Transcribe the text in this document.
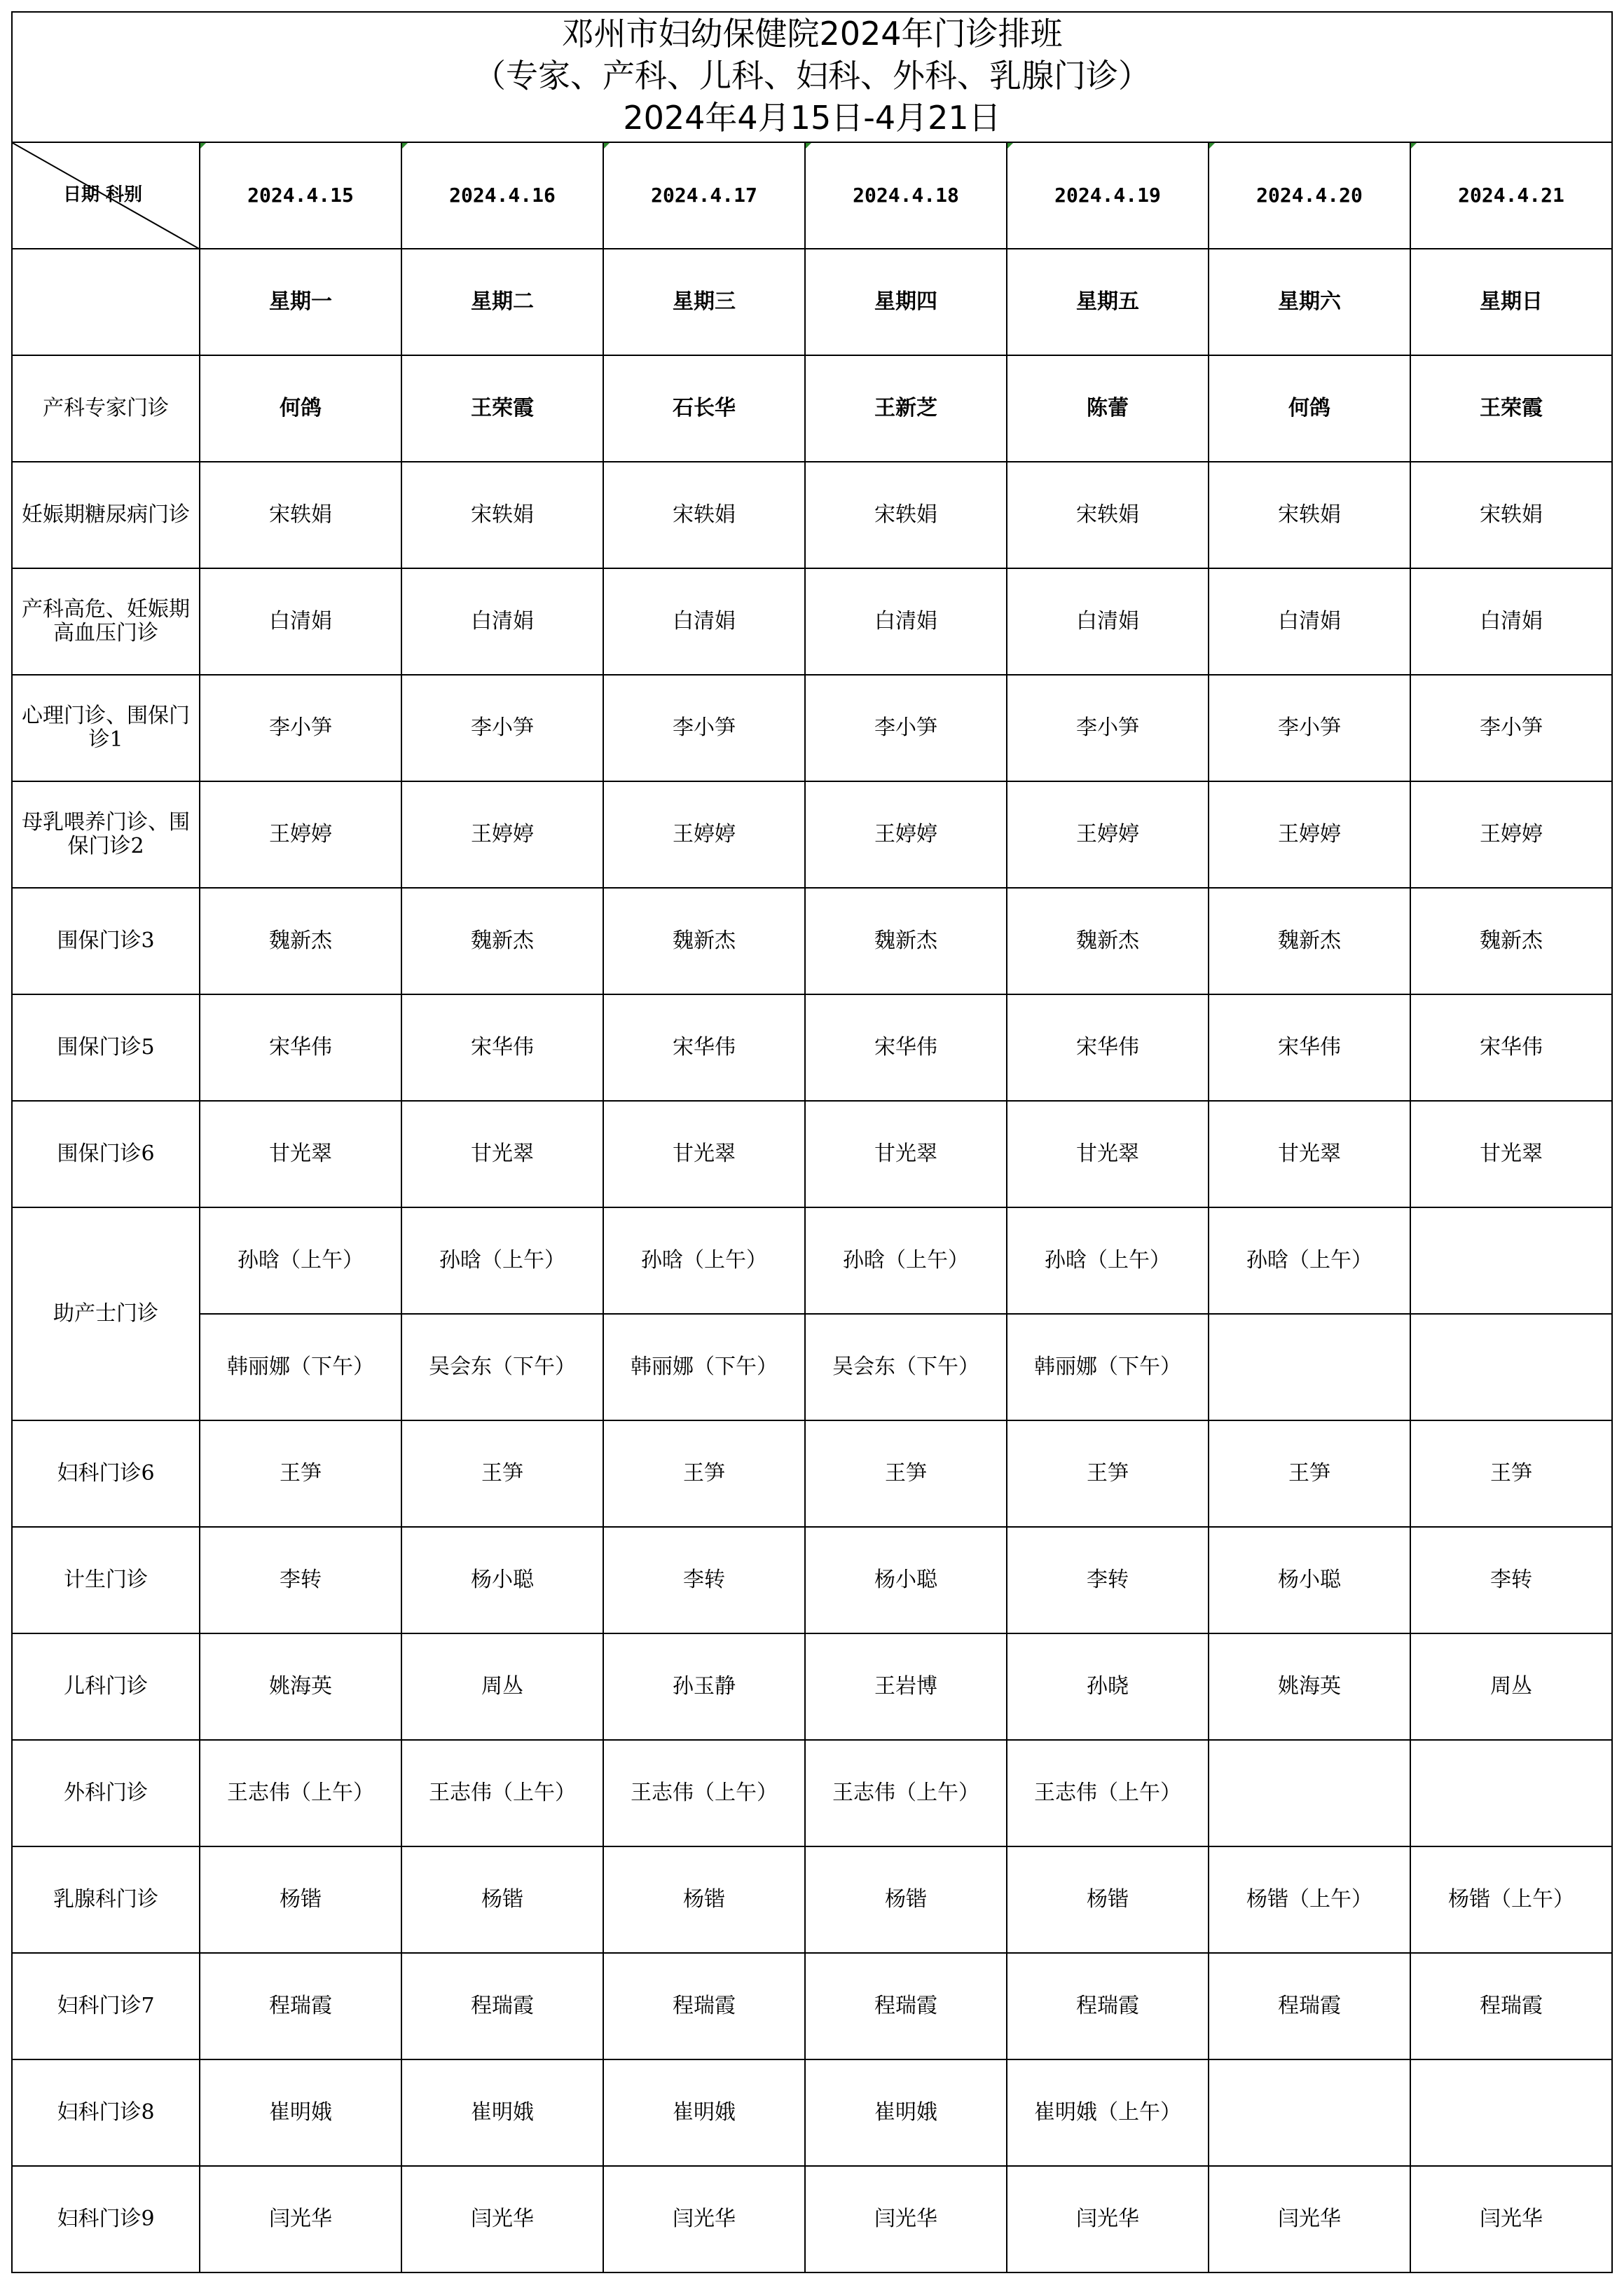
邓州市妇幼保健院2024年门诊排班
（专家、产科、儿科、妇科、外科、乳腺门诊）
2024年4月15日-4月21日
日期 科别	2024.4.15	2024.4.16	2024.4.17	2024.4.18	2024.4.19	2024.4.20	2024.4.21

	星期一	星期二	星期三	星期四	星期五	星期六	星期日
产科专家门诊	何鸽	王荣霞	石长华	王新芝	陈蕾	何鸽	王荣霞
妊娠期糖尿病门诊	宋轶娟	宋轶娟	宋轶娟	宋轶娟	宋轶娟	宋轶娟	宋轶娟
产科高危、妊娠期高血压门诊	白清娟	白清娟	白清娟	白清娟	白清娟	白清娟	白清娟
心理门诊、围保门诊1	李小笋	李小笋	李小笋	李小笋	李小笋	李小笋	李小笋
母乳喂养门诊、围保门诊2	王婷婷	王婷婷	王婷婷	王婷婷	王婷婷	王婷婷	王婷婷
围保门诊3	魏新杰	魏新杰	魏新杰	魏新杰	魏新杰	魏新杰	魏新杰
围保门诊5	宋华伟	宋华伟	宋华伟	宋华伟	宋华伟	宋华伟	宋华伟
围保门诊6	甘光翠	甘光翠	甘光翠	甘光翠	甘光翠	甘光翠	甘光翠
助产士门诊	孙晗（上午）	孙晗（上午）	孙晗（上午）	孙晗（上午）	孙晗（上午）	孙晗（上午）	
	韩丽娜（下午）	吴会东（下午）	韩丽娜（下午）	吴会东（下午）	韩丽娜（下午）		
妇科门诊6	王笋	王笋	王笋	王笋	王笋	王笋	王笋
计生门诊	李转	杨小聪	李转	杨小聪	李转	杨小聪	李转
儿科门诊	姚海英	周丛	孙玉静	王岩博	孙晓	姚海英	周丛
外科门诊	王志伟（上午）	王志伟（上午）	王志伟（上午）	王志伟（上午）	王志伟（上午）		
乳腺科门诊	杨锴	杨锴	杨锴	杨锴	杨锴	杨锴（上午）	杨锴（上午）
妇科门诊7	程瑞霞	程瑞霞	程瑞霞	程瑞霞	程瑞霞	程瑞霞	程瑞霞
妇科门诊8	崔明娥	崔明娥	崔明娥	崔明娥	崔明娥（上午）		
妇科门诊9	闫光华	闫光华	闫光华	闫光华	闫光华	闫光华	闫光华
